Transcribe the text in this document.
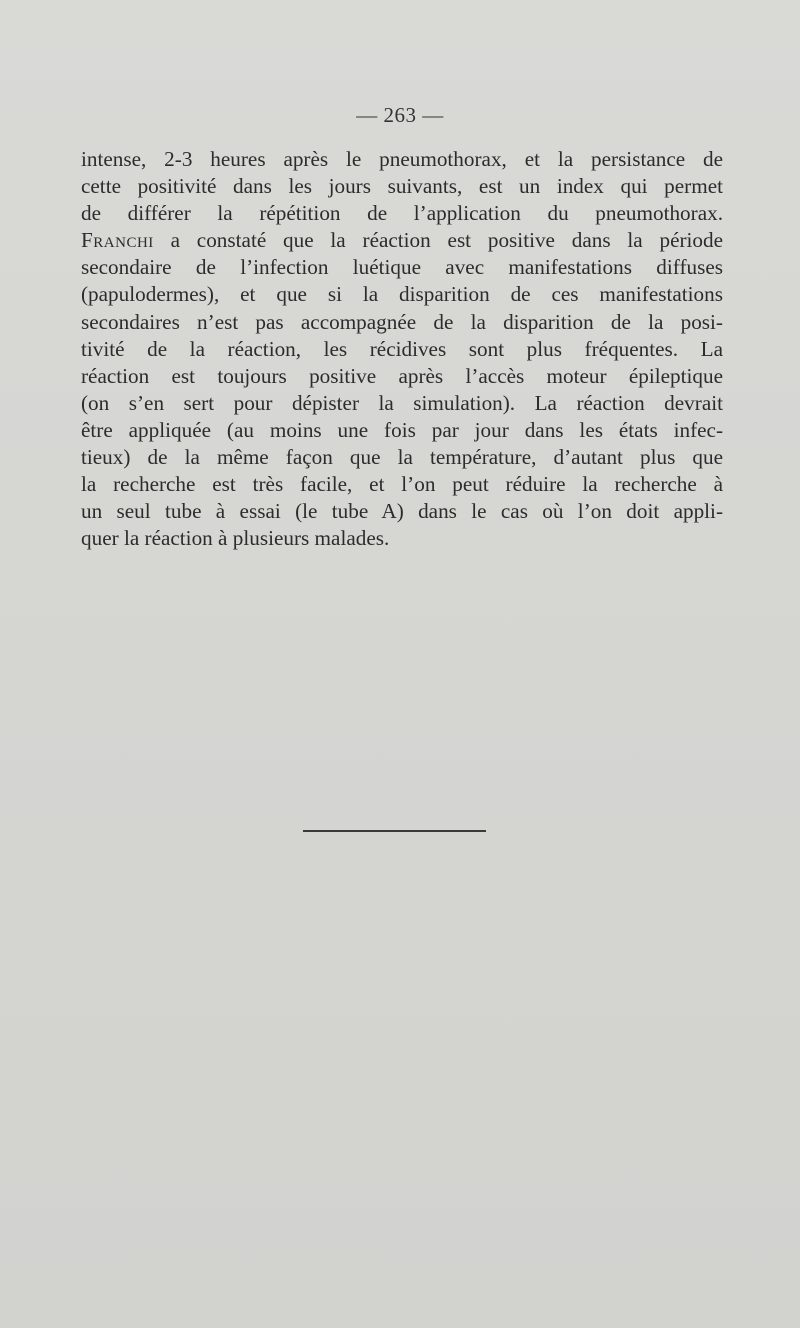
— 263 —
intense, 2-3 heures après le pneumothorax, et la persistance de
cette positivité dans les jours suivants, est un index qui permet
de différer la répétition de l’application du pneumothorax.
Franchi a constaté que la réaction est positive dans la période
secondaire de l’infection luétique avec manifestations diffuses
(papulodermes), et que si la disparition de ces manifestations
secondaires n’est pas accompagnée de la disparition de la posi-
tivité de la réaction, les récidives sont plus fréquentes. La
réaction est toujours positive après l’accès moteur épileptique
(on s’en sert pour dépister la simulation). La réaction devrait
être appliquée (au moins une fois par jour dans les états infec-
tieux) de la même façon que la température, d’autant plus que
la recherche est très facile, et l’on peut réduire la recherche à
un seul tube à essai (le tube A) dans le cas où l’on doit appli-
quer la réaction à plusieurs malades.
